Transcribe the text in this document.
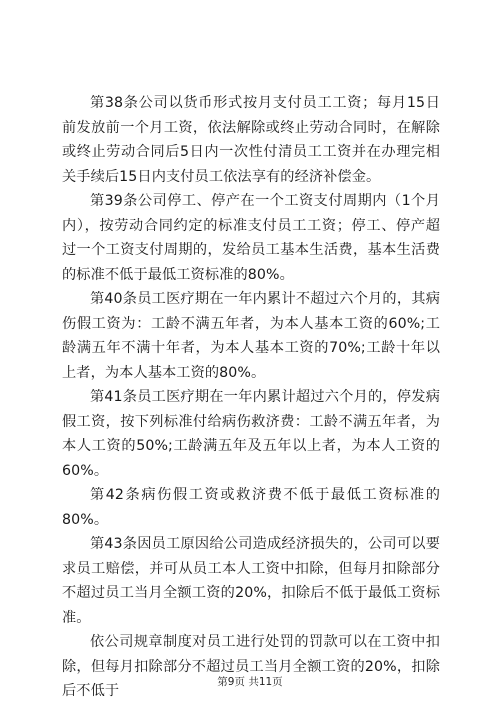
第38条公司以货币形式按月支付员工工资；每月15日前发放前一个月工资，依法解除或终止劳动合同时，在解除或终止劳动合同后5日内一次性付清员工工资并在办理完相关手续后15日内支付员工依法享有的经济补偿金。

第39条公司停工、停产在一个工资支付周期内（1个月内），按劳动合同约定的标准支付员工工资；停工、停产超过一个工资支付周期的，发给员工基本生活费，基本生活费的标准不低于最低工资标准的80%。

第40条员工医疗期在一年内累计不超过六个月的，其病伤假工资为：工龄不满五年者，为本人基本工资的60%;工龄满五年不满十年者，为本人基本工资的70%;工龄十年以上者，为本人基本工资的80%。

第41条员工医疗期在一年内累计超过六个月的，停发病假工资，按下列标准付给病伤救济费：工龄不满五年者，为本人工资的50%;工龄满五年及五年以上者，为本人工资的60%。

第42条病伤假工资或救济费不低于最低工资标准的80%。

第43条因员工原因给公司造成经济损失的，公司可以要求员工赔偿，并可从员工本人工资中扣除，但每月扣除部分不超过员工当月全额工资的20%，扣除后不低于最低工资标准。

依公司规章制度对员工进行处罚的罚款可以在工资中扣除，但每月扣除部分不超过员工当月全额工资的20%，扣除后不低于

第9页 共11页
